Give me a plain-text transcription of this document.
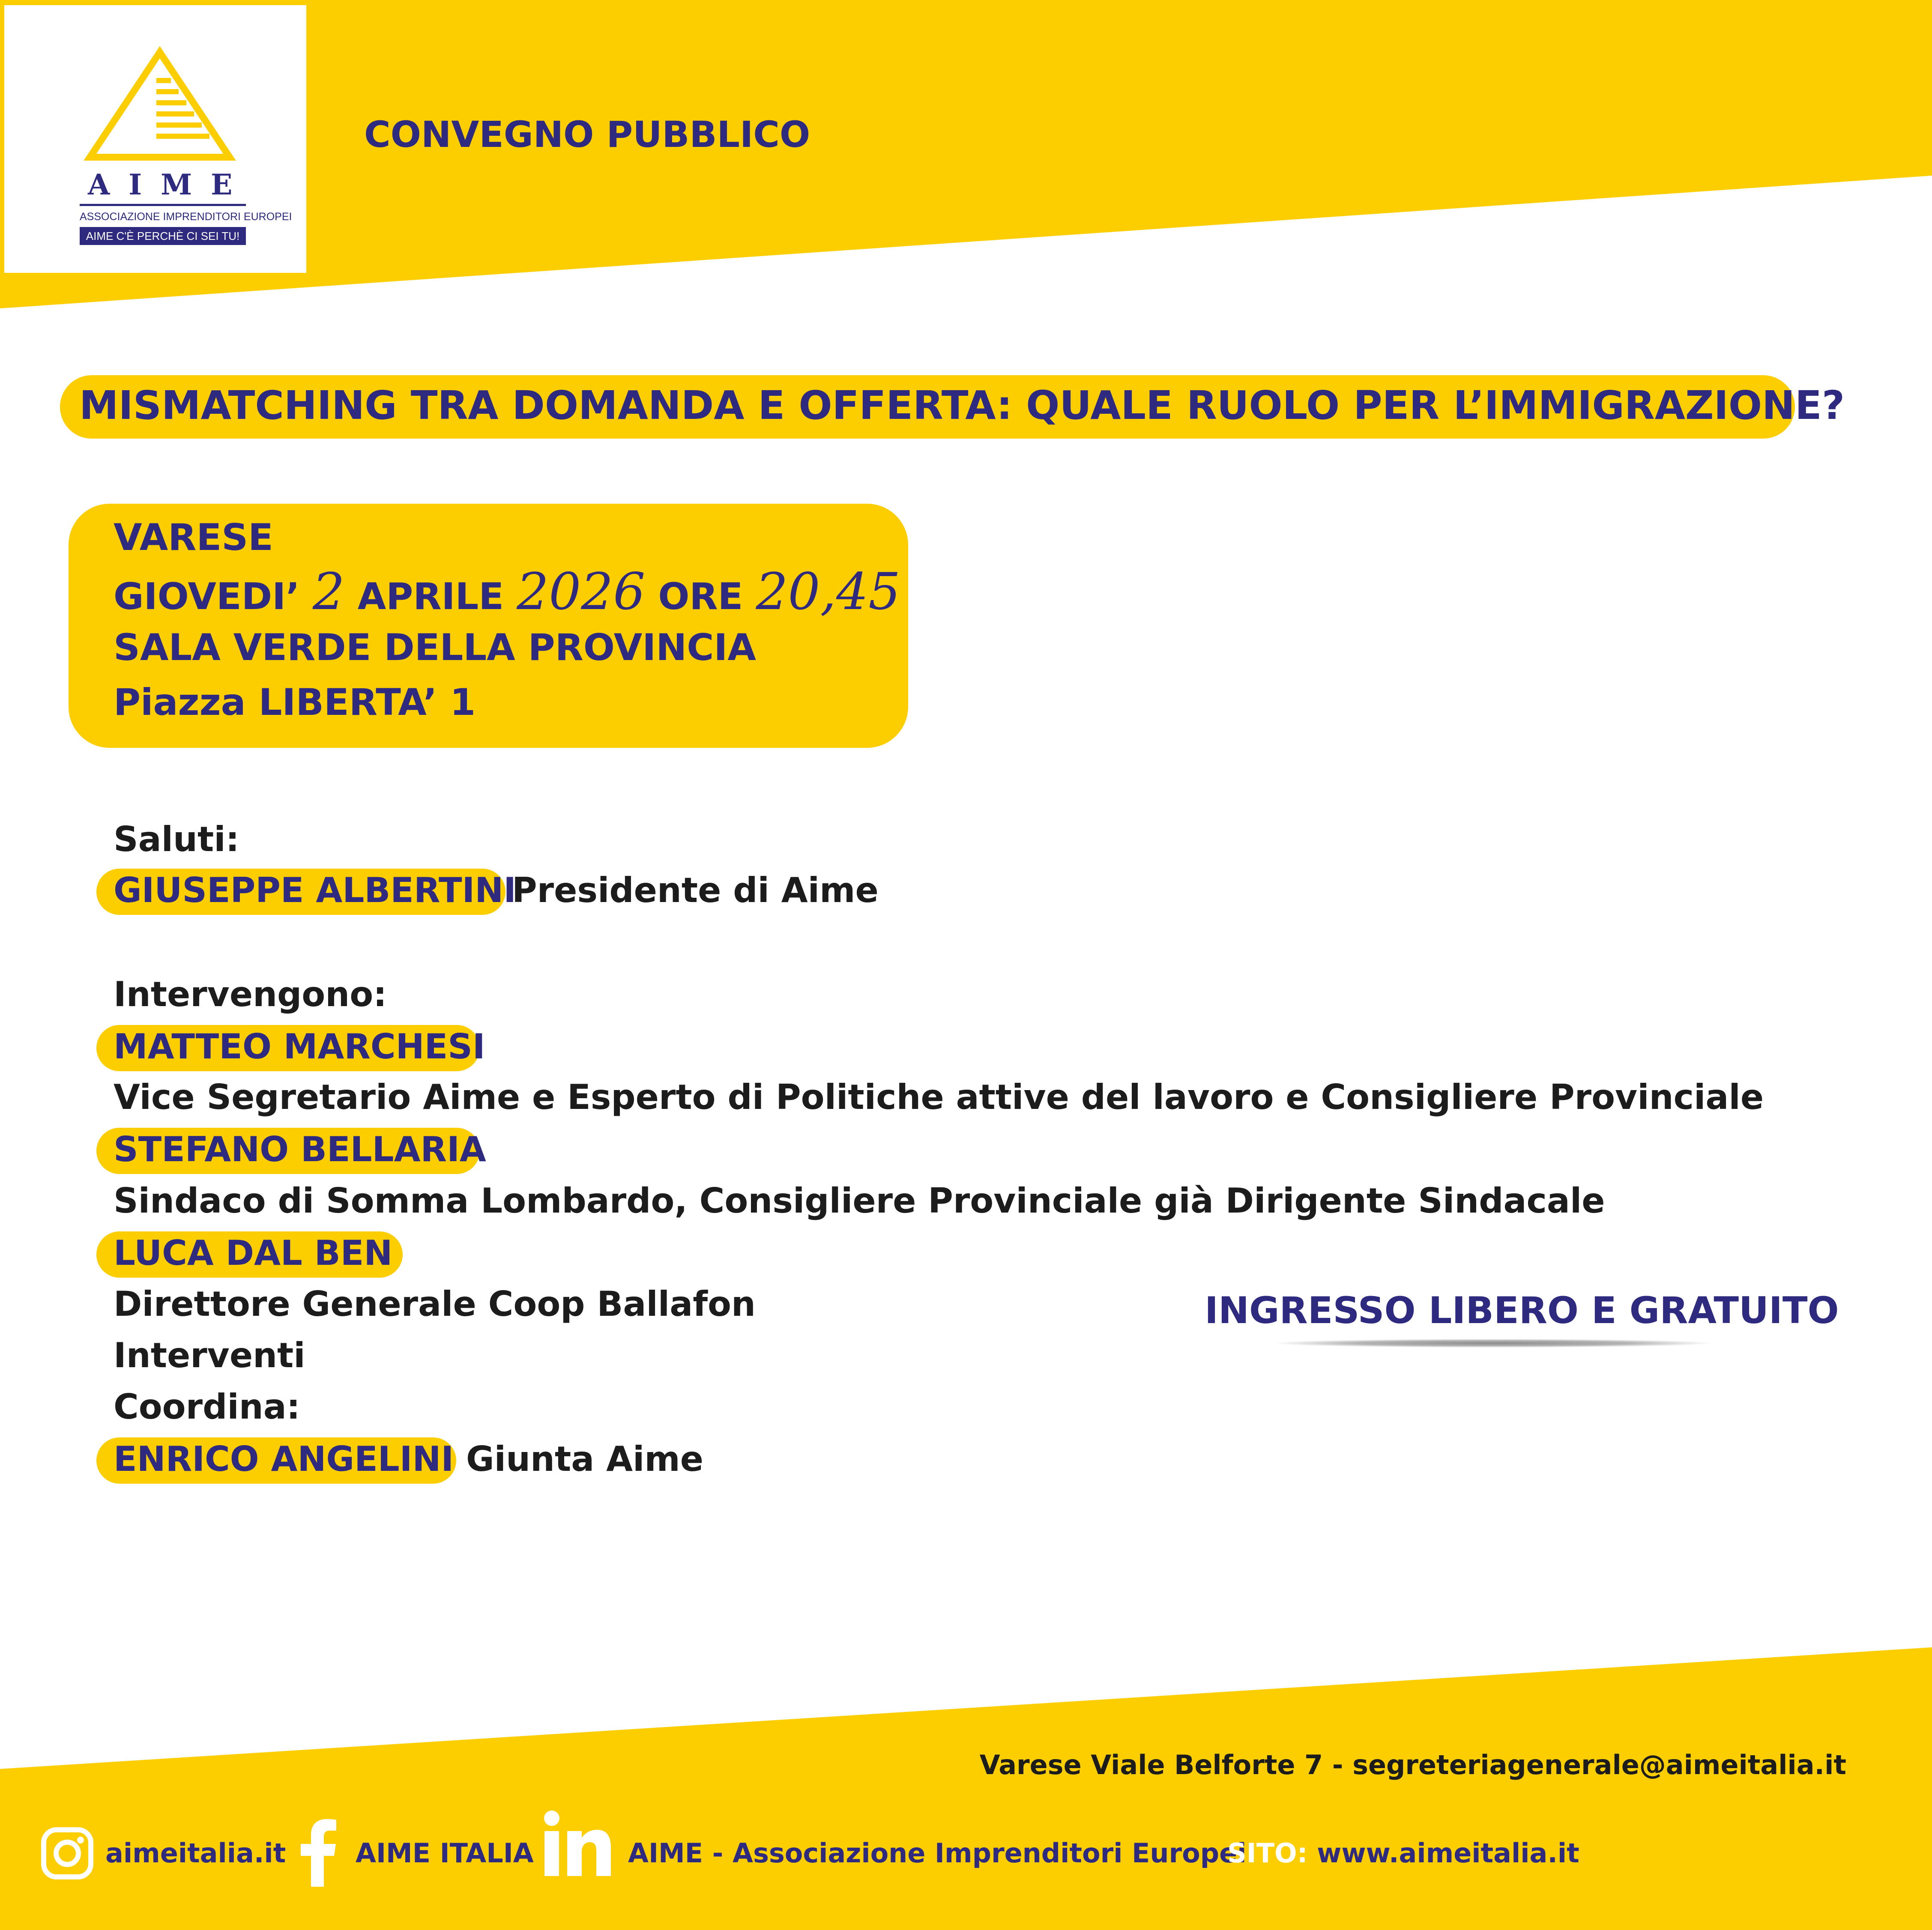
AIME
ASSOCIAZIONE IMPRENDITORI EUROPEI
AIME C'È PERCHÈ CI SEI TU!
CONVEGNO PUBBLICO
MISMATCHING TRA DOMANDA E OFFERTA: QUALE RUOLO PER L’IMMIGRAZIONE?
VARESE
GIOVEDI’ 2 APRILE 2026 ORE 20,45
SALA VERDE DELLA PROVINCIA
Piazza LIBERTA’ 1
Saluti:
GIUSEPPE ALBERTINI
Presidente di Aime
Intervengono:
MATTEO MARCHESI
Vice Segretario Aime e Esperto di Politiche attive del lavoro e Consigliere Provinciale
STEFANO BELLARIA
Sindaco di Somma Lombardo, Consigliere Provinciale già Dirigente Sindacale
LUCA DAL BEN
Direttore Generale Coop Ballafon
Interventi
Coordina:
ENRICO ANGELINI Giunta Aime
INGRESSO LIBERO E GRATUITO
Varese Viale Belforte 7 - segreteriagenerale@aimeitalia.it
aimeitalia.it	AIME ITALIA	AIME - Associazione Imprenditori Europei
SITO: www.aimeitalia.it
